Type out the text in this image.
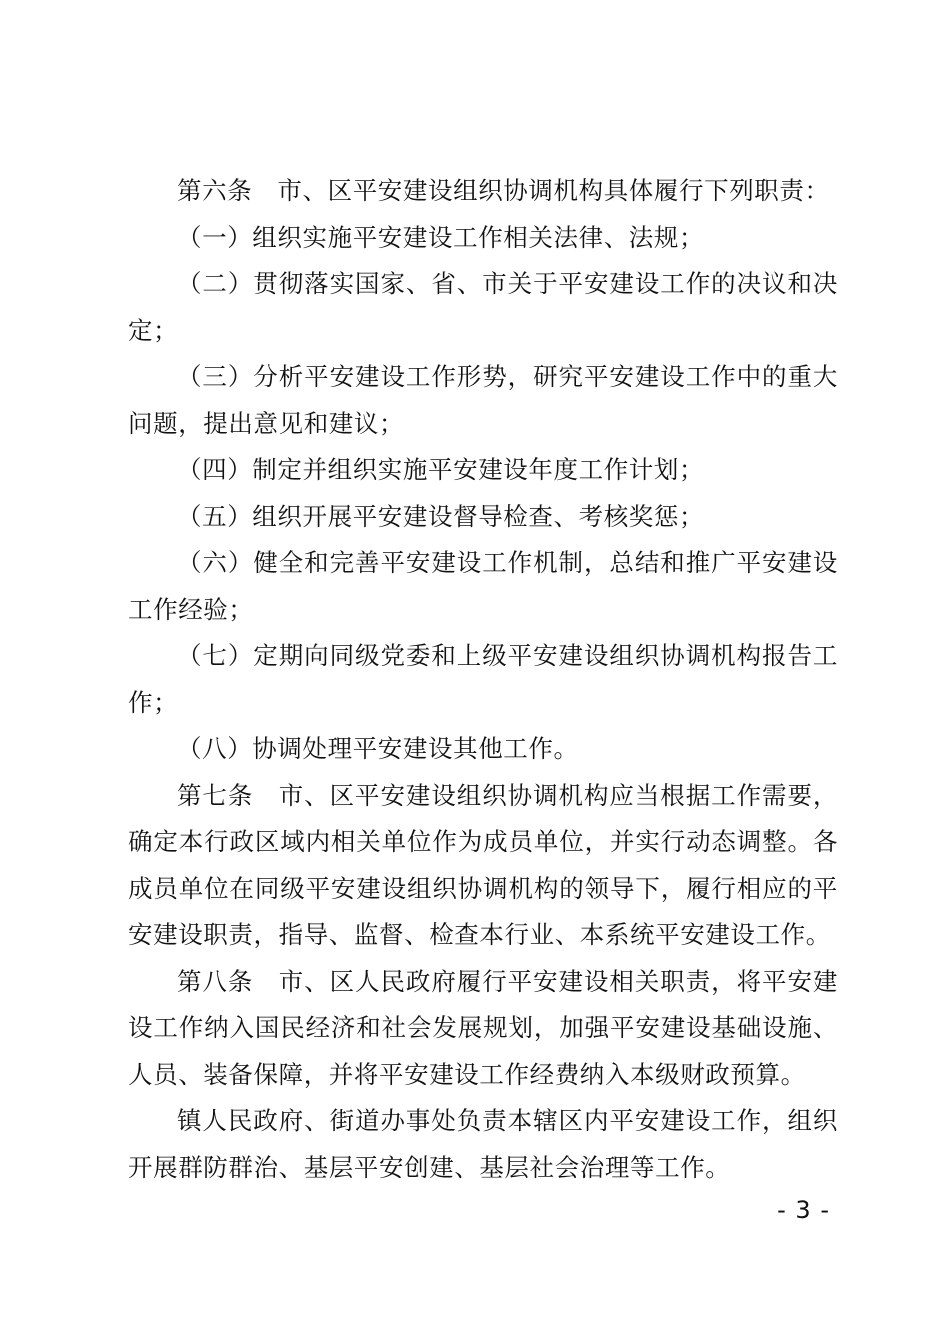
第六条　市、区平安建设组织协调机构具体履行下列职责：

（一）组织实施平安建设工作相关法律、法规；

（二）贯彻落实国家、省、市关于平安建设工作的决议和决定；

（三）分析平安建设工作形势，研究平安建设工作中的重大问题，提出意见和建议；

（四）制定并组织实施平安建设年度工作计划；

（五）组织开展平安建设督导检查、考核奖惩；

（六）健全和完善平安建设工作机制，总结和推广平安建设工作经验；

（七）定期向同级党委和上级平安建设组织协调机构报告工作；

（八）协调处理平安建设其他工作。

第七条　市、区平安建设组织协调机构应当根据工作需要，确定本行政区域内相关单位作为成员单位，并实行动态调整。各成员单位在同级平安建设组织协调机构的领导下，履行相应的平安建设职责，指导、监督、检查本行业、本系统平安建设工作。

第八条　市、区人民政府履行平安建设相关职责，将平安建设工作纳入国民经济和社会发展规划，加强平安建设基础设施、人员、装备保障，并将平安建设工作经费纳入本级财政预算。

镇人民政府、街道办事处负责本辖区内平安建设工作，组织开展群防群治、基层平安创建、基层社会治理等工作。

- 3 -
